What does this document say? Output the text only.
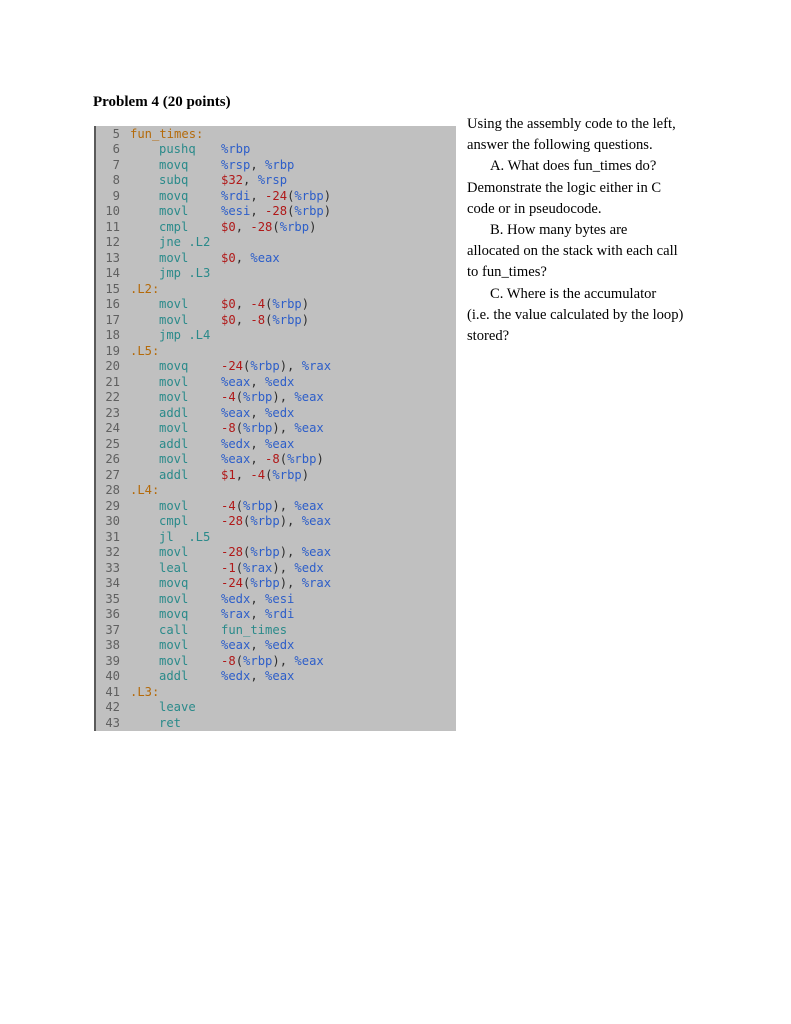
Problem 4 (20 points)
5 fun_times:
6	pushq %rbp
7	movq	%rsp, %rbp
8	subq	$32, %rsp
9	movq	%rdi, -24(%rbp)
10	movl	%esi, -28(%rbp)
11	cmpl	$0, -28(%rbp)
12	jne .L2
13	movl	$0, %eax
14	jmp .L3
15 .L2:
16	movl	$0, -4(%rbp)
17	movl	$0, -8(%rbp)
18	jmp .L4
19 .L5:
20	movq	-24(%rbp), %rax
21	movl	%eax, %edx
22	movl	-4(%rbp), %eax
23	addl	%eax, %edx
24	movl	-8(%rbp), %eax
25	addl	%edx, %eax
26	movl	%eax, -8(%rbp)
27	addl	$1, -4(%rbp)
28 .L4:
29	movl	-4(%rbp), %eax
30	cmpl	-28(%rbp), %eax
31	jl  .L5
32	movl	-28(%rbp), %eax
33	leal	-1(%rax), %edx
34	movq	-24(%rbp), %rax
35	movl	%edx, %esi
36	movq	%rax, %rdi
37	call	fun_times
38	movl	%eax, %edx
39	movl	-8(%rbp), %eax
40	addl	%edx, %eax
41 .L3:
42	leave
43	ret

Using the assembly code to the left,

answer the following questions.

A. What does fun_times do?

Demonstrate the logic either in C

code or in pseudocode.

B. How many bytes are

allocated on the stack with each call

to fun_times?

C. Where is the accumulator

(i.e. the value calculated by the loop)

stored?
